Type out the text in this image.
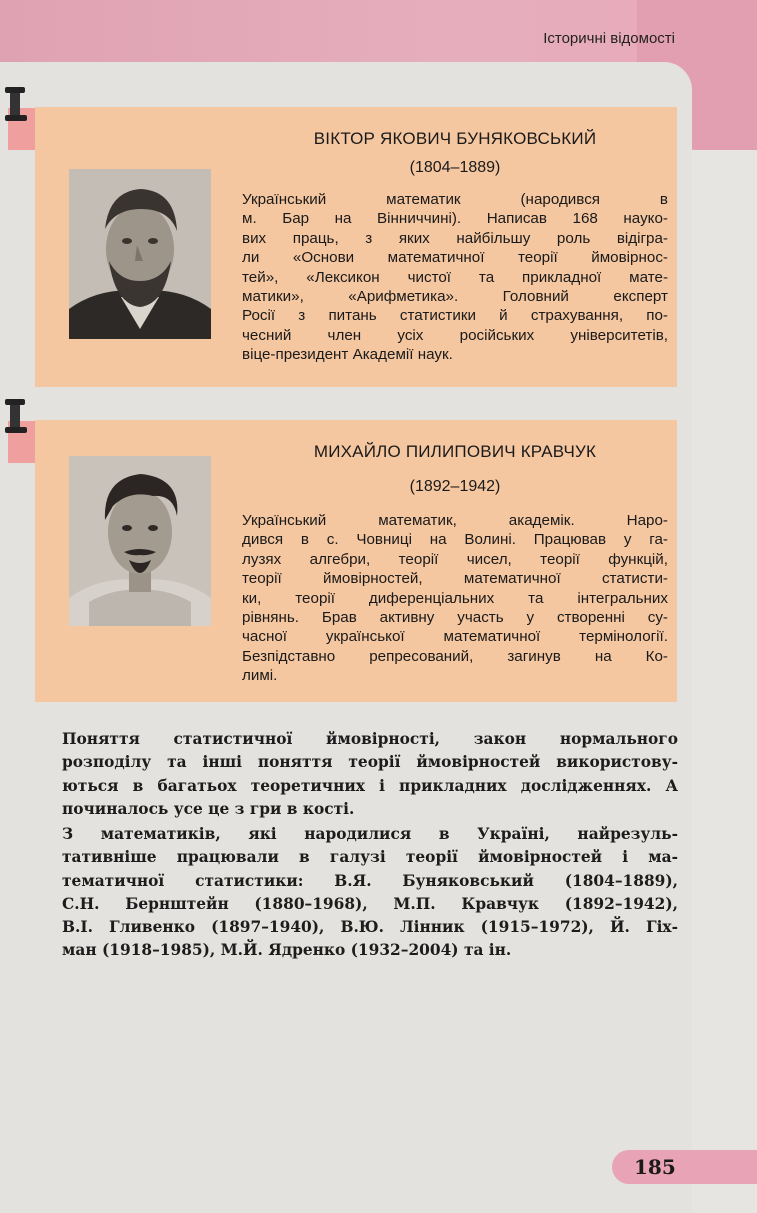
Історичні відомості
ВІКТОР ЯКОВИЧ БУНЯКОВСЬКИЙ
(1804–1889)
Український математик (народився в
м. Бар на Вінниччині). Написав 168 науко-
вих праць, з яких найбільшу роль відігра-
ли «Основи математичної теорії ймовірнос-
тей», «Лексикон чистої та прикладної мате-
матики», «Арифметика». Головний експерт
Росії з питань статистики й страхування, по-
чесний член усіх російських університетів,
віце-президент Академії наук.
МИХАЙЛО ПИЛИПОВИЧ КРАВЧУК
(1892–1942)
Український математик, академік. Наро-
дився в с. Човниці на Волині. Працював у га-
лузях алгебри, теорії чисел, теорії функцій,
теорії ймовірностей, математичної статисти-
ки, теорії диференціальних та інтегральних
рівнянь. Брав активну участь у створенні су-
часної української математичної термінології.
Безпідставно репресований, загинув на Ко-
лимі.
Поняття статистичної ймовірності, закон нормального
розподілу та інші поняття теорії ймовірностей використову-
ються в багатьох теоретичних і прикладних дослідженнях. А
починалось усе це з гри в кості.
З математиків, які народилися в Україні, найрезуль-
тативніше працювали в галузі теорії ймовірностей і ма-
тематичної статистики: В.Я. Буняковський (1804–1889),
С.Н. Бернштейн (1880–1968), М.П. Кравчук (1892–1942),
В.І. Гливенко (1897–1940), В.Ю. Лінник (1915–1972), Й. Гіх-
ман (1918–1985), М.Й. Ядренко (1932–2004) та ін.
185
